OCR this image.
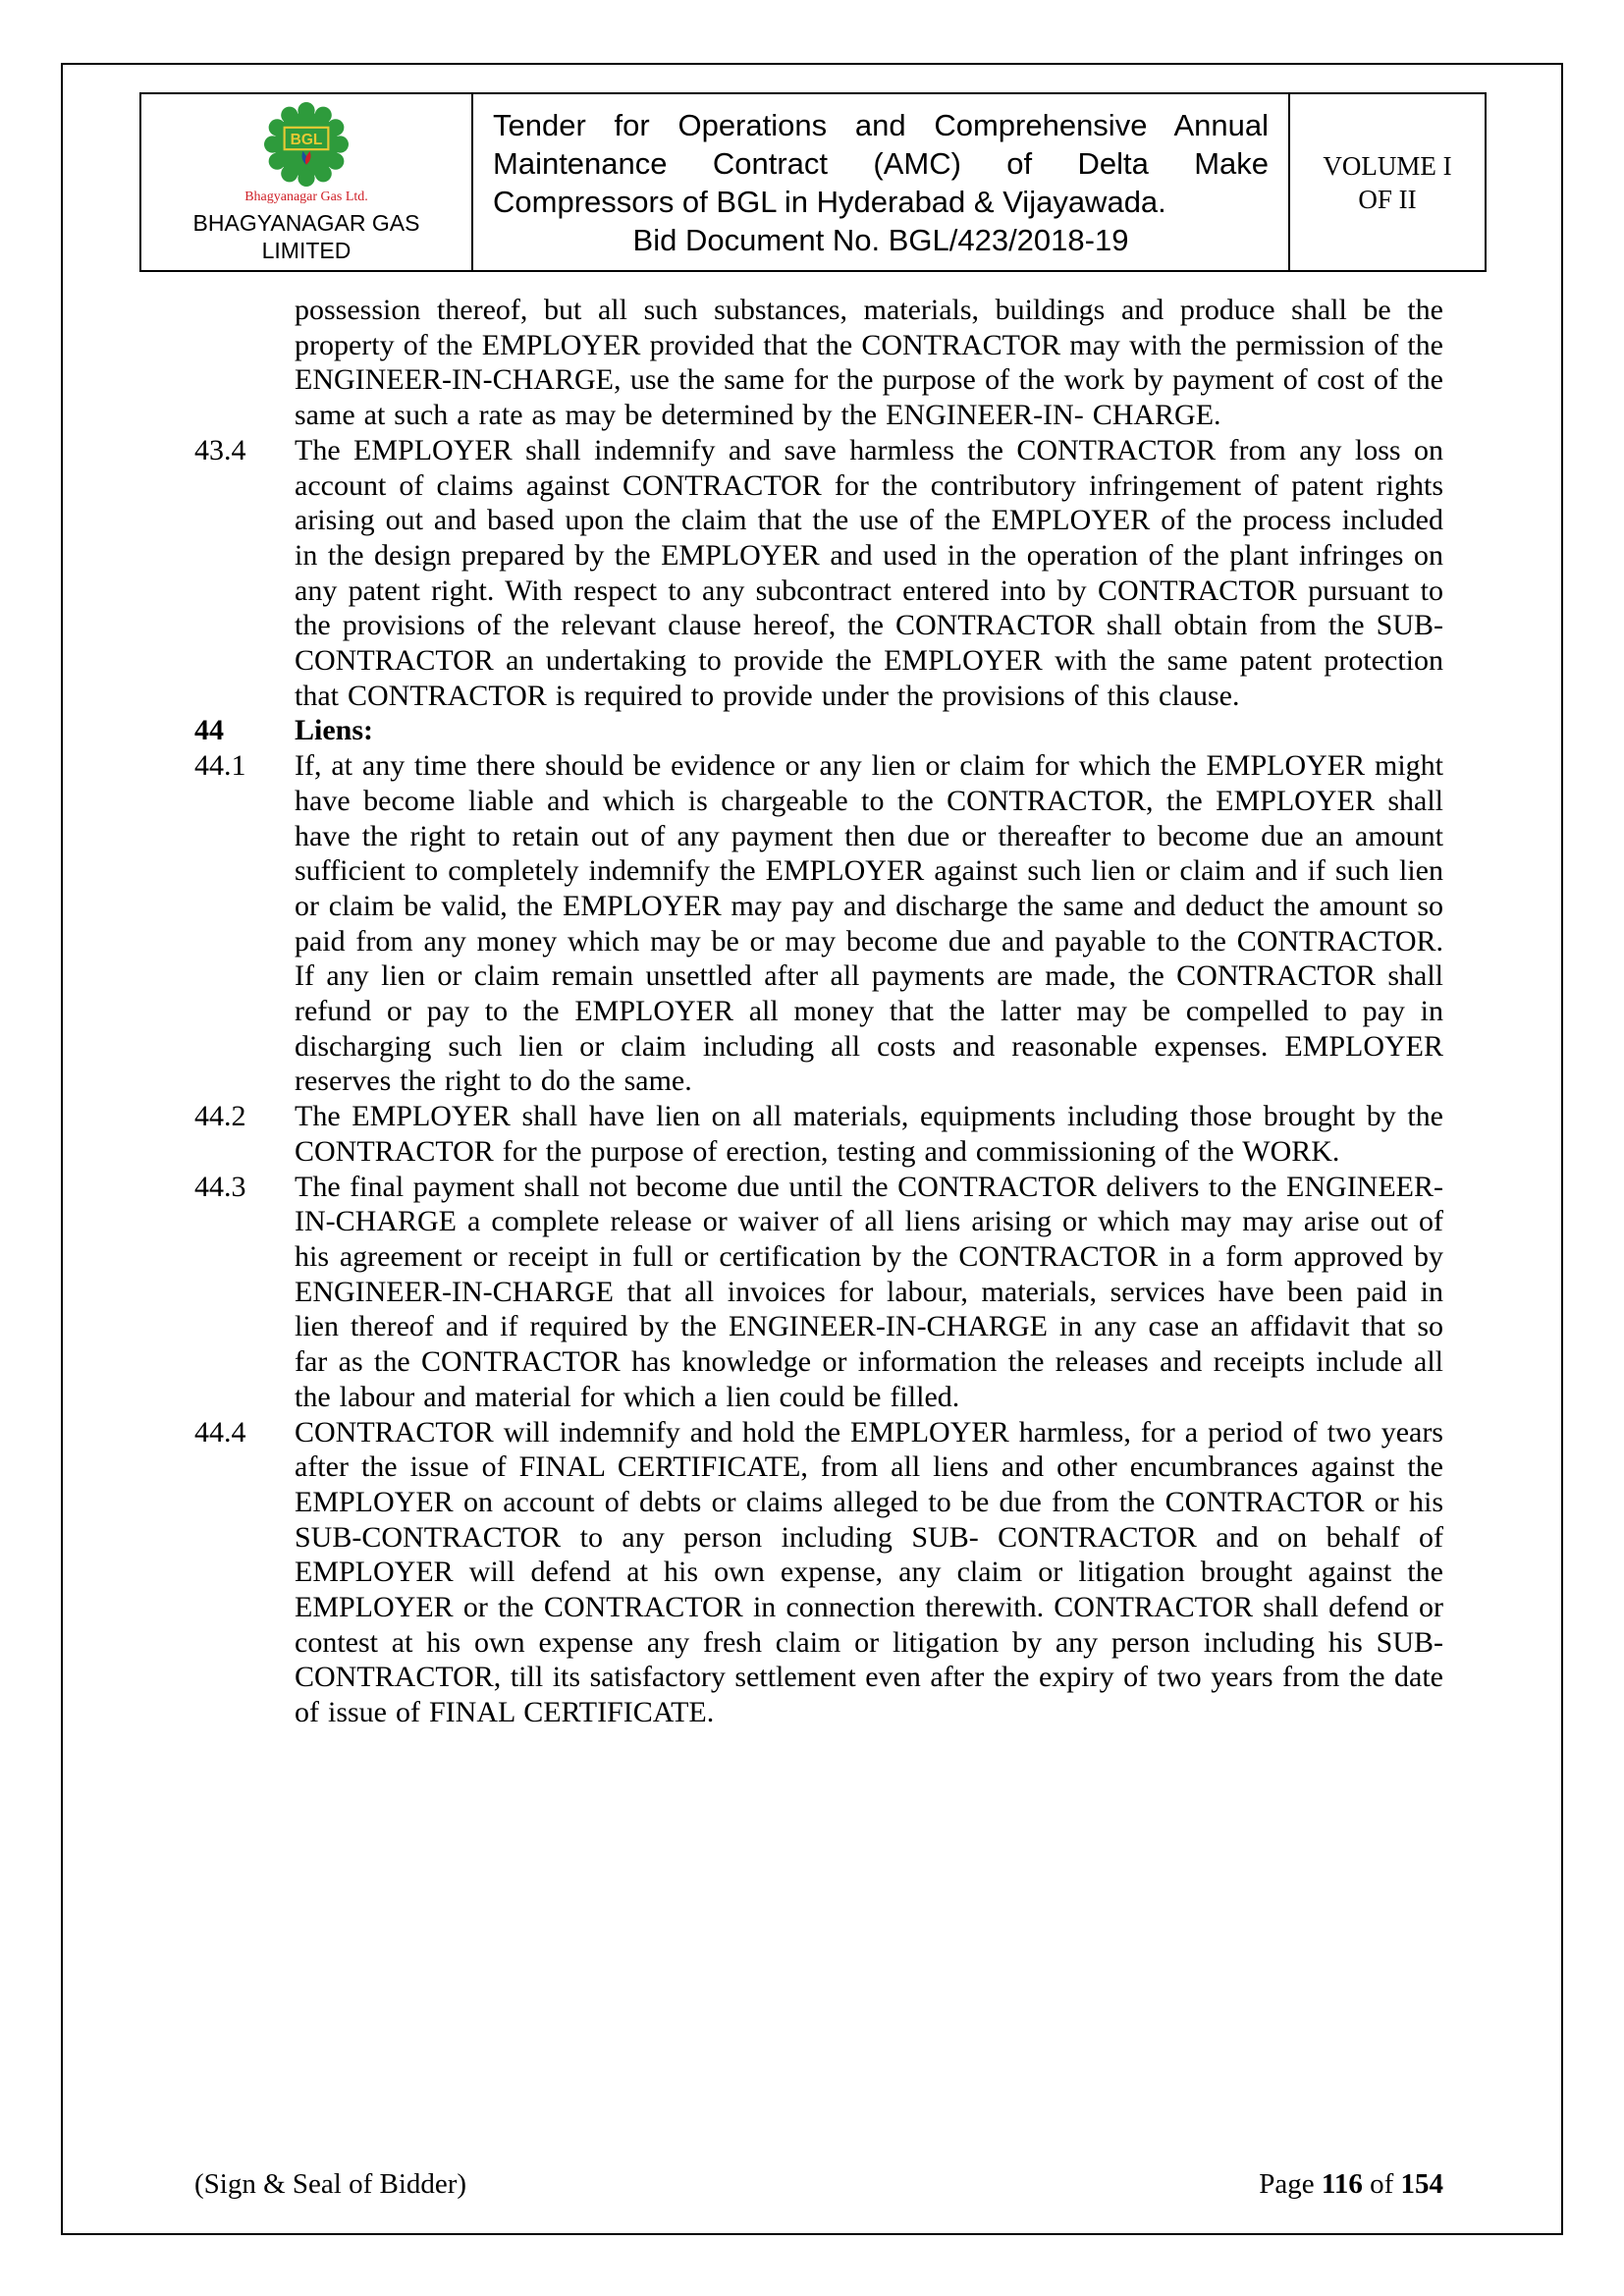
BGL
Bhagyanagar Gas Ltd.
BHAGYANAGAR GAS
LIMITED

Tender for Operations and Comprehensive Annual Maintenance Contract (AMC) of Delta Make Compressors of BGL in Hyderabad & Vijayawada.
Bid Document No. BGL/423/2018-19

VOLUME I
OF II
possession thereof, but all such substances, materials, buildings and produce shall be the property of the EMPLOYER provided that the CONTRACTOR may with the permission of the ENGINEER-IN-CHARGE, use the same for the purpose of the work by payment of cost of the same at such a rate as may be determined by the ENGINEER-IN- CHARGE.
43.4 The EMPLOYER shall indemnify and save harmless the CONTRACTOR from any loss on account of claims against CONTRACTOR for the contributory infringement of patent rights arising out and based upon the claim that the use of the EMPLOYER of the process included in the design prepared by the EMPLOYER and used in the operation of the plant infringes on any patent right. With respect to any subcontract entered into by CONTRACTOR pursuant to the provisions of the relevant clause hereof, the CONTRACTOR shall obtain from the SUB-CONTRACTOR an undertaking to provide the EMPLOYER with the same patent protection that CONTRACTOR is required to provide under the provisions of this clause.
44 Liens:
44.1 If, at any time there should be evidence or any lien or claim for which the EMPLOYER might have become liable and which is chargeable to the CONTRACTOR, the EMPLOYER shall have the right to retain out of any payment then due or thereafter to become due an amount sufficient to completely indemnify the EMPLOYER against such lien or claim and if such lien or claim be valid, the EMPLOYER may pay and discharge the same and deduct the amount so paid from any money which may be or may become due and payable to the CONTRACTOR. If any lien or claim remain unsettled after all payments are made, the CONTRACTOR shall refund or pay to the EMPLOYER all money that the latter may be compelled to pay in discharging such lien or claim including all costs and reasonable expenses. EMPLOYER reserves the right to do the same.
44.2 The EMPLOYER shall have lien on all materials, equipments including those brought by the CONTRACTOR for the purpose of erection, testing and commissioning of the WORK.
44.3 The final payment shall not become due until the CONTRACTOR delivers to the ENGINEER-IN-CHARGE a complete release or waiver of all liens arising or which may may arise out of his agreement or receipt in full or certification by the CONTRACTOR in a form approved by ENGINEER-IN-CHARGE that all invoices for labour, materials, services have been paid in lien thereof and if required by the ENGINEER-IN-CHARGE in any case an affidavit that so far as the CONTRACTOR has knowledge or information the releases and receipts include all the labour and material for which a lien could be filled.
44.4 CONTRACTOR will indemnify and hold the EMPLOYER harmless, for a period of two years after the issue of FINAL CERTIFICATE, from all liens and other encumbrances against the EMPLOYER on account of debts or claims alleged to be due from the CONTRACTOR or his SUB-CONTRACTOR to any person including SUB- CONTRACTOR and on behalf of EMPLOYER will defend at his own expense, any claim or litigation brought against the EMPLOYER or the CONTRACTOR in connection therewith. CONTRACTOR shall defend or contest at his own expense any fresh claim or litigation by any person including his SUB-CONTRACTOR, till its satisfactory settlement even after the expiry of two years from the date of issue of FINAL CERTIFICATE.
(Sign & Seal of Bidder)	Page 116 of 154
